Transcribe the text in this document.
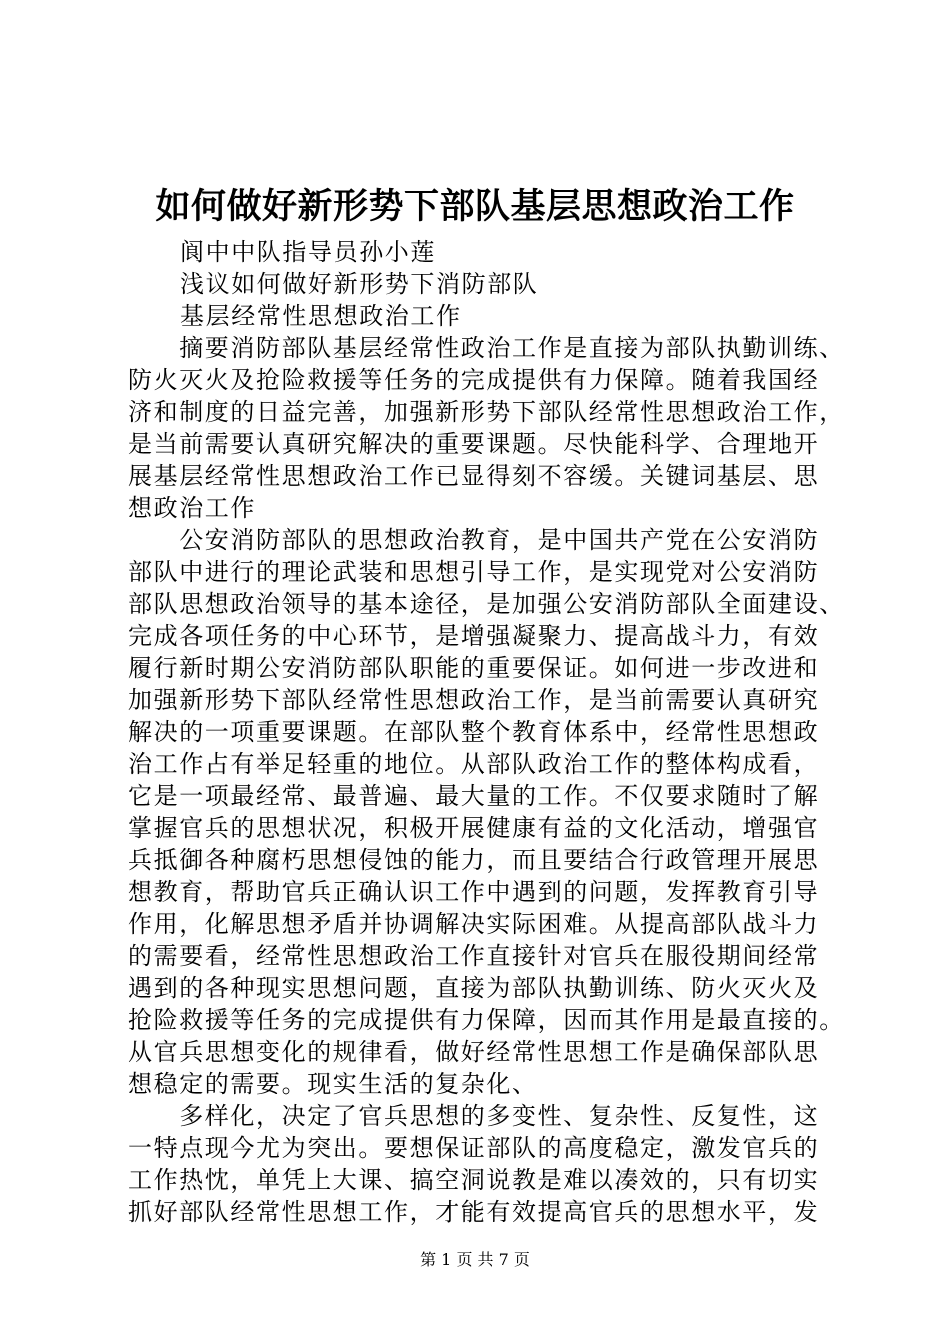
如何做好新形势下部队基层思想政治工作
阆中中队指导员孙小莲
浅议如何做好新形势下消防部队
基层经常性思想政治工作
　　摘要消防部队基层经常性政治工作是直接为部队执勤训练、
防火灭火及抢险救援等任务的完成提供有力保障。随着我国经
济和制度的日益完善，加强新形势下部队经常性思想政治工作，
是当前需要认真研究解决的重要课题。尽快能科学、合理地开
展基层经常性思想政治工作已显得刻不容缓。关键词基层、思
想政治工作
　　公安消防部队的思想政治教育，是中国共产党在公安消防
部队中进行的理论武装和思想引导工作，是实现党对公安消防
部队思想政治领导的基本途径，是加强公安消防部队全面建设、
完成各项任务的中心环节，是增强凝聚力、提高战斗力，有效
履行新时期公安消防部队职能的重要保证。如何进一步改进和
加强新形势下部队经常性思想政治工作，是当前需要认真研究
解决的一项重要课题。在部队整个教育体系中，经常性思想政
治工作占有举足轻重的地位。从部队政治工作的整体构成看，
它是一项最经常、最普遍、最大量的工作。不仅要求随时了解
掌握官兵的思想状况，积极开展健康有益的文化活动，增强官
兵抵御各种腐朽思想侵蚀的能力，而且要结合行政管理开展思
想教育，帮助官兵正确认识工作中遇到的问题，发挥教育引导
作用，化解思想矛盾并协调解决实际困难。从提高部队战斗力
的需要看，经常性思想政治工作直接针对官兵在服役期间经常
遇到的各种现实思想问题，直接为部队执勤训练、防火灭火及
抢险救援等任务的完成提供有力保障，因而其作用是最直接的。
从官兵思想变化的规律看，做好经常性思想工作是确保部队思
想稳定的需要。现实生活的复杂化、
　　多样化，决定了官兵思想的多变性、复杂性、反复性，这
一特点现今尤为突出。要想保证部队的高度稳定，激发官兵的
工作热忱，单凭上大课、搞空洞说教是难以凑效的，只有切实
抓好部队经常性思想工作，才能有效提高官兵的思想水平，发
第 1 页 共 7 页
